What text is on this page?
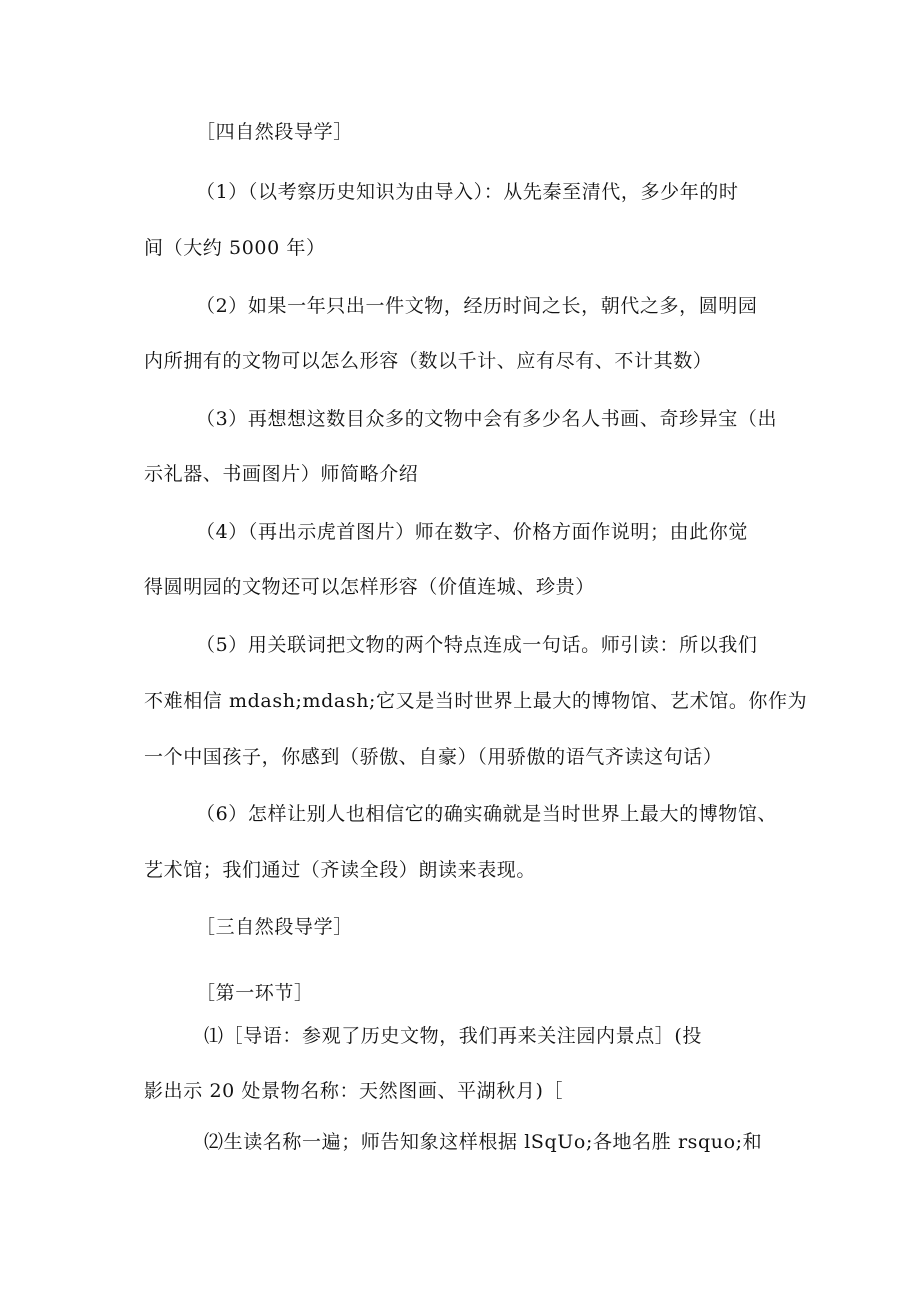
［四自然段导学］
（1）（以考察历史知识为由导入）：从先秦至清代，多少年的时
间（大约 5000 年）
（2）如果一年只出一件文物，经历时间之长，朝代之多，圆明园
内所拥有的文物可以怎么形容（数以千计、应有尽有、不计其数）
（3）再想想这数目众多的文物中会有多少名人书画、奇珍异宝（出
示礼器、书画图片）师简略介绍
（4）（再出示虎首图片）师在数字、价格方面作说明；由此你觉
得圆明园的文物还可以怎样形容（价值连城、珍贵）
（5）用关联词把文物的两个特点连成一句话。师引读：所以我们
不难相信 mdash;mdash;它又是当时世界上最大的博物馆、艺术馆。你作为
一个中国孩子，你感到（骄傲、自豪）（用骄傲的语气齐读这句话）
（6）怎样让别人也相信它的确实确就是当时世界上最大的博物馆、
艺术馆；我们通过（齐读全段）朗读来表现。
［三自然段导学］
［第一环节］
⑴［导语：参观了历史文物，我们再来关注园内景点］(投
影出示 20 处景物名称：天然图画、平湖秋月)［
⑵生读名称一遍；师告知象这样根据 lSqUo;各地名胜 rsquo;和
